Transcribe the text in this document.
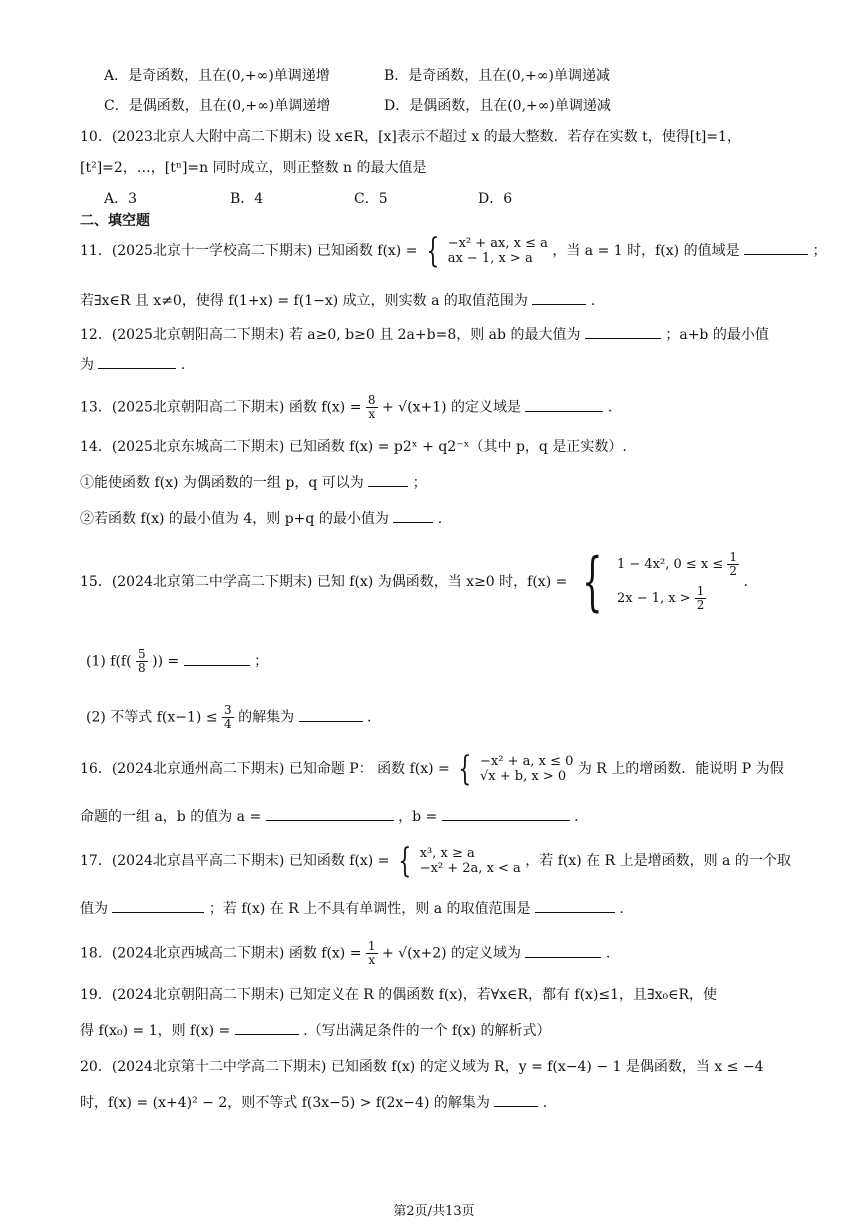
A．是奇函数，且在(0,+∞)单调递增	B．是奇函数，且在(0,+∞)单调递减
C．是偶函数，且在(0,+∞)单调递增	D．是偶函数，且在(0,+∞)单调递减
10．(2023北京人大附中高二下期末) 设 x∈R，[x]表示不超过 x 的最大整数．若存在实数 t，使得[t]=1，
[t²]=2，…，[tⁿ]=n 同时成立，则正整数 n 的最大值是
A．3	B．4	C．5	D．6
二、填空题
11．(2025北京十一学校高二下期末) 已知函数 f(x) = { −x² + ax, x ≤ a
ax − 1, x > a	，当 a = 1 时，f(x) 的值域是	；
若∃x∈R 且 x≠0，使得 f(1+x) = f(1−x) 成立，则实数 a 的取值范围为	.
12．(2025北京朝阳高二下期末) 若 a≥0, b≥0 且 2a+b=8，则 ab 的最大值为	；a+b 的最小值
为	.
13．(2025北京朝阳高二下期末) 函数 $f(x) = \frac{8}{x} + √(x+1)$ 的定义域是	.
14．(2025北京东城高二下期末) 已知函数 f(x) = p2ˣ + q2⁻ˣ（其中 p，q 是正实数）.
①能使函数 f(x) 为偶函数的一组 p，q 可以为	；
②若函数 f(x) 的最小值为 4，则 p+q 的最小值为	.
15．(2024北京第二中学高二下期末) 已知 f(x) 为偶函数，当 x≥0 时，f(x) = { 1 − 4x², $0 \le x \le \frac{1}{2}$
2x − 1, $x > \frac{1}{2}$
.
(1) $f(f( \frac{5}{8}$ )) =	；
(2) 不等式 $f(x-1) \le \frac{3}{4}$ 的解集为	.
16．(2024北京通州高二下期末) 已知命题 P： 函数 f(x) = { −x² + a, x ≤ 0
√x + b, x > 0 为 R 上的增函数．能说明 P 为假
命题的一组 a，b 的值为 a =	，b =	.
17．(2024北京昌平高二下期末) 已知函数 f(x) = { x³, x ≥ a
−x² + 2a, x < a ，若 f(x) 在 R 上是增函数，则 a 的一个取
值为	；若 f(x) 在 R 上不具有单调性，则 a 的取值范围是	.
18．(2024北京西城高二下期末) 函数 $f(x) = \frac{1}{x} + √(x+2)$ 的定义域为	.
19．(2024北京朝阳高二下期末) 已知定义在 R 的偶函数 f(x)，若∀x∈R，都有 f(x)≤1，且∃x₀∈R，使
得 f(x₀) = 1，则 f(x) =	.（写出满足条件的一个 f(x) 的解析式）
20．(2024北京第十二中学高二下期末) 已知函数 f(x) 的定义域为 R，y = f(x−4) − 1 是偶函数，当 x ≤ −4
时，f(x) = (x+4)² − 2，则不等式 f(3x−5) > f(2x−4) 的解集为	.
第2页/共13页
